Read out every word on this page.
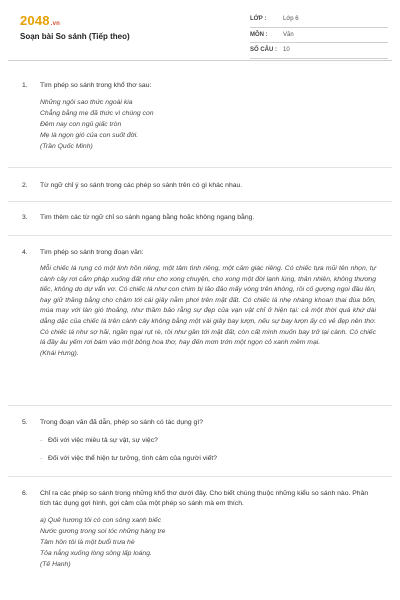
2048.vn
Soạn bài So sánh (Tiếp theo)
LỚP :	Lớp 6
MÔN :	Văn
SỐ CÂU :	10
1. Tìm phép so sánh trong khổ thơ sau:
Những ngôi sao thức ngoài kia
Chẳng bằng mẹ đã thức vì chúng con
Đêm nay con ngủ giấc tròn
Mẹ là ngọn gió của con suốt đời.
(Trần Quốc Minh)
2. Từ ngữ chỉ ý so sánh trong các phép so sánh trên có gì khác nhau.
3. Tìm thêm các từ ngữ chỉ so sánh ngang bằng hoặc không ngang bằng.
4. Tìm phép so sánh trong đoạn văn:
Mỗi chiếc lá rụng có một linh hồn riêng, một tâm tình riêng, một cảm giác riêng. Có chiếc tựa mũi tên nhọn, tự cành cây rơi cắm phập xuống đất như cho xong chuyện, cho xong một đời lạnh lùng, thản nhiên, không thương tiếc, không do dự vẩn vơ. Có chiếc lá như con chim bị lảo đảo mấy vòng trên không, rồi cố gượng ngoi đầu lên, hay giữ thăng bằng cho chậm tới cái giây nằm phơi trên mặt đất. Có chiếc lá nhẹ nhàng khoan thai đùa bỡn, múa may với làn gió thoảng, như thầm bảo rằng sự đẹp của vạn vật chỉ ở hiện tại: cả một thời quá khứ dài dằng dặc của chiếc lá trên cành cây không bằng một vài giây bay lượn, nếu sự bay lượn ấy có vẻ đẹp nên thơ. Có chiếc lá như sợ hãi, ngần ngại rụt rè, rồi như gần tới mặt đất, còn cất mình muốn bay trở lại cành. Có chiếc lá đầy âu yếm rơi bám vào một bông hoa thơ, hay đến mơn trớn một ngọn cỏ xanh mềm mại.
(Khái Hưng).
5. Trong đoạn văn đã dẫn, phép so sánh có tác dụng gì?
· Đối với việc miêu tả sự vật, sự việc?
· Đối với việc thể hiện tư tưởng, tình cảm của người viết?
6. Chỉ ra các phép so sánh trong những khổ thơ dưới đây. Cho biết chúng thuộc những kiểu so sánh nào. Phân tích tác dụng gợi hình, gợi cảm của một phép so sánh mà em thích.
a) Quê hương tôi có con sông xanh biếc
Nước gương trong soi tóc những hàng tre
Tâm hồn tôi là một buổi trưa hè
Tỏa nắng xuống lòng sông lấp loáng.
(Tế Hanh)
